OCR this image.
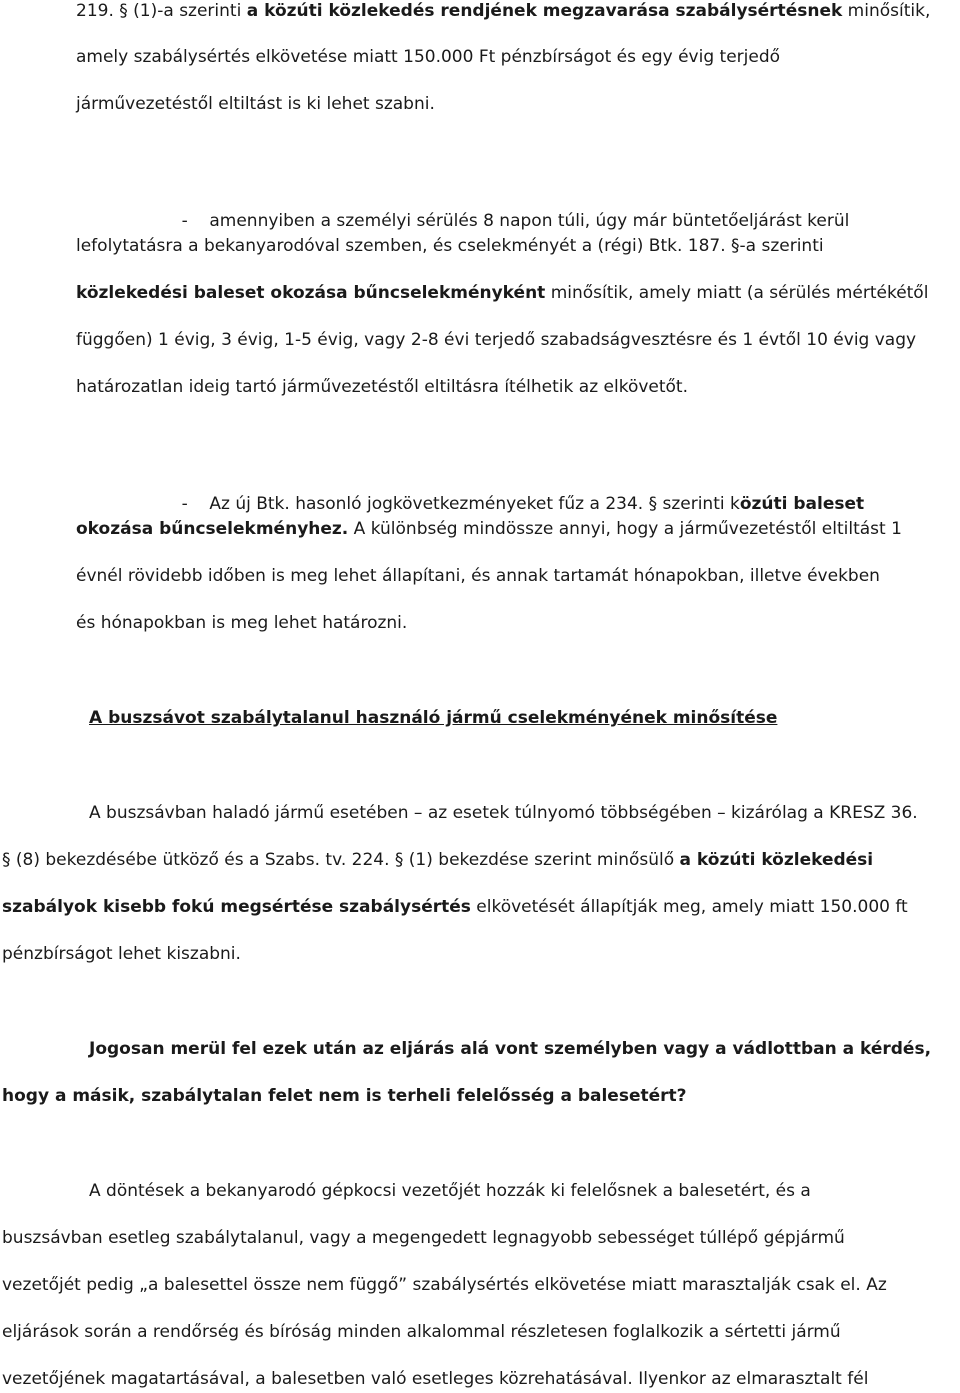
219. § (1)-a szerinti a közúti közlekedés rendjének megzavarása szabálysértésnek minősítik,
amely szabálysértés elkövetése miatt 150.000 Ft pénzbírságot és egy évig terjedő
járművezetéstől eltiltást is ki lehet szabni.

-    amennyiben a személyi sérülés 8 napon túli, úgy már büntetőeljárást kerül

lefolytatásra a bekanyarodóval szemben, és cselekményét a (régi) Btk. 187. §-a szerinti
közlekedési baleset okozása bűncselekményként minősítik, amely miatt (a sérülés mértékétől
függően) 1 évig, 3 évig, 1-5 évig, vagy 2-8 évi terjedő szabadságvesztésre és 1 évtől 10 évig vagy
határozatlan ideig tartó járművezetéstől eltiltásra ítélhetik az elkövetőt.

-    Az új Btk. hasonló jogkövetkezményeket fűz a 234. § szerinti közúti baleset

okozása bűncselekményhez. A különbség mindössze annyi, hogy a járművezetéstől eltiltást 1
évnél rövidebb időben is meg lehet állapítani, és annak tartamát hónapokban, illetve években
és hónapokban is meg lehet határozni.
A buszsávot szabálytalanul használó jármű cselekményének minősítése
A buszsávban haladó jármű esetében – az esetek túlnyomó többségében – kizárólag a KRESZ 36.
§ (8) bekezdésébe ütköző és a Szabs. tv. 224. § (1) bekezdése szerint minősülő a közúti közlekedési
szabályok kisebb fokú megsértése szabálysértés elkövetését állapítják meg, amely miatt 150.000 ft
pénzbírságot lehet kiszabni.
Jogosan merül fel ezek után az eljárás alá vont személyben vagy a vádlottban a kérdés,
hogy a másik, szabálytalan felet nem is terheli felelősség a balesetért?
A döntések a bekanyarodó gépkocsi vezetőjét hozzák ki felelősnek a balesetért, és a
buszsávban esetleg szabálytalanul, vagy a megengedett legnagyobb sebességet túllépő gépjármű
vezetőjét pedig „a balesettel össze nem függő” szabálysértés elkövetése miatt marasztalják csak el. Az
eljárások során a rendőrség és bíróság minden alkalommal részletesen foglalkozik a sértetti jármű
vezetőjének magatartásával, a balesetben való esetleges közrehatásával. Ilyenkor az elmarasztalt fél
